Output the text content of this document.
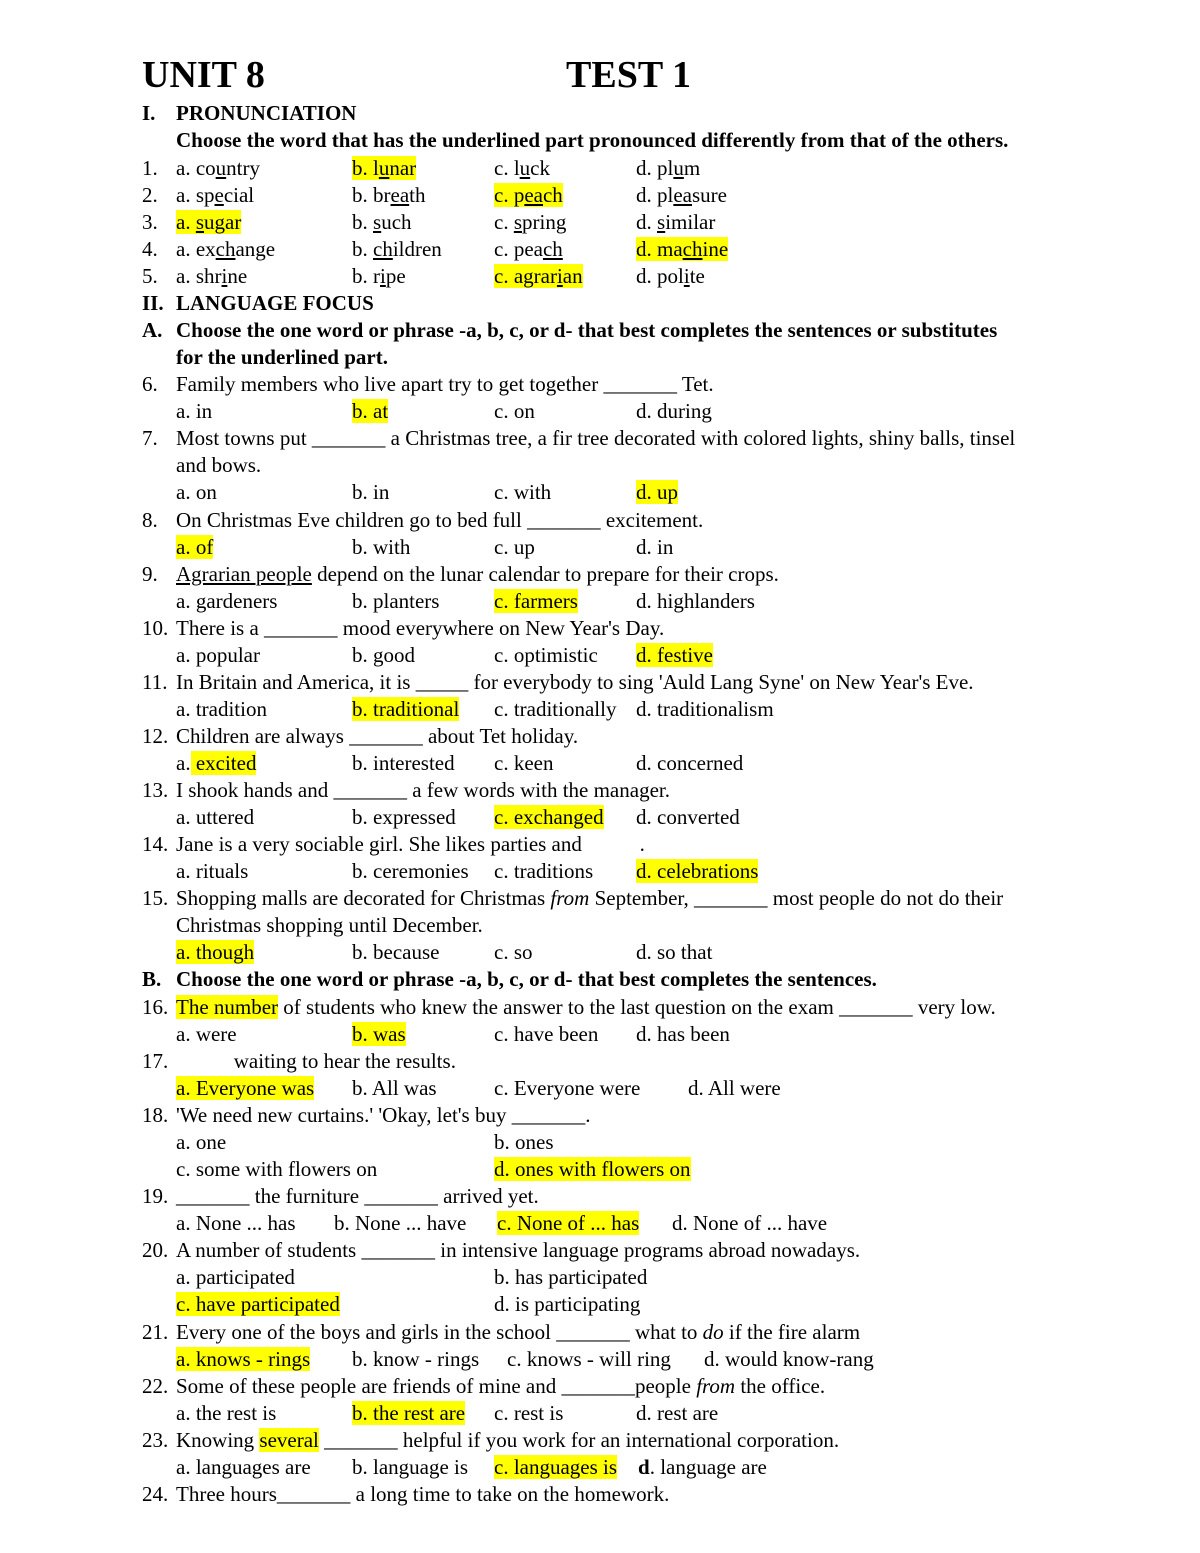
UNIT 8	TEST 1
I. PRONUNCIATION
Choose the word that has the underlined part pronounced differently from that of the others.
1. a. country	b. lunar	c. luck	d. plum
2. a. special	b. breath	c. peach	d. pleasure
3. a. sugar	b. such	c. spring	d. similar
4. a. exchange	b. children c. peach	d. machine
5. a. shrine	b. ripe	c. agrarian	d. polite
II. LANGUAGE FOCUS
A. Choose the one word or phrase -a, b, c, or d- that best completes the sentences or substitutes
for the underlined part.
6. Family members who live apart try to get together _______ Tet.
a. in	b. at	c. on	d. during
7. Most towns put _______ a Christmas tree, a fir tree decorated with colored lights, shiny balls, tinsel
and bows.
a. on	b. in	c. with	d. up
8. On Christmas Eve children go to bed full _______ excitement.
a. of	b. with	c. up	d. in
9. Agrarian people depend on the lunar calendar to prepare for their crops.
a. gardeners	b. planters	c. farmers	d. highlanders
10. There is a _______ mood everywhere on New Year's Day.
a. popular	b. good	c. optimistic d. festive
11. In Britain and America, it is _____ for everybody to sing 'Auld Lang Syne' on New Year's Eve.
a. tradition	b. traditional c. traditionally d. traditionalism
12. Children are always _______ about Tet holiday.
a. excited	b. interested c. keen	d. concerned
13. I shook hands and _______ a few words with the manager.
a. uttered	b. expressed c. exchanged d. converted
14. Jane is a very sociable girl. She likes parties and           .
a. rituals	b. ceremonies c. traditions d. celebrations
15. Shopping malls are decorated for Christmas from September, _______ most people do not do their
Christmas shopping until December.
a. though	b. because	c. so	d. so that
B. Choose the one word or phrase -a, b, c, or d- that best completes the sentences.
16. The number of students who knew the answer to the last question on the exam _______ very low.
a. were	b. was	c. have been d. has been
17. waiting to hear the results.
a. Everyone was b. All was	c. Everyone were d. All were
18. 'We need new curtains.' 'Okay, let's buy _______.
a. one	b. ones
c. some with flowers on	d. ones with flowers on
19. _______ the furniture _______ arrived yet.
a. None ... has b. None ... have c. None of ... has d. None of ... have
20. A number of students _______ in intensive language programs abroad nowadays.
a. participated	b. has participated
c. have participated	d. is participating
21. Every one of the boys and girls in the school _______ what to do if the fire alarm
a. knows - rings b. know - rings c. knows - will ring d. would know-rang
22. Some of these people are friends of mine and _______people from the office.
a. the rest is	b. the rest are c. rest is	d. rest are
23. Knowing several _______ helpful if you work for an international corporation.
a. languages are b. language is c. languages is d. language are
24. Three hours_______ a long time to take on the homework.
